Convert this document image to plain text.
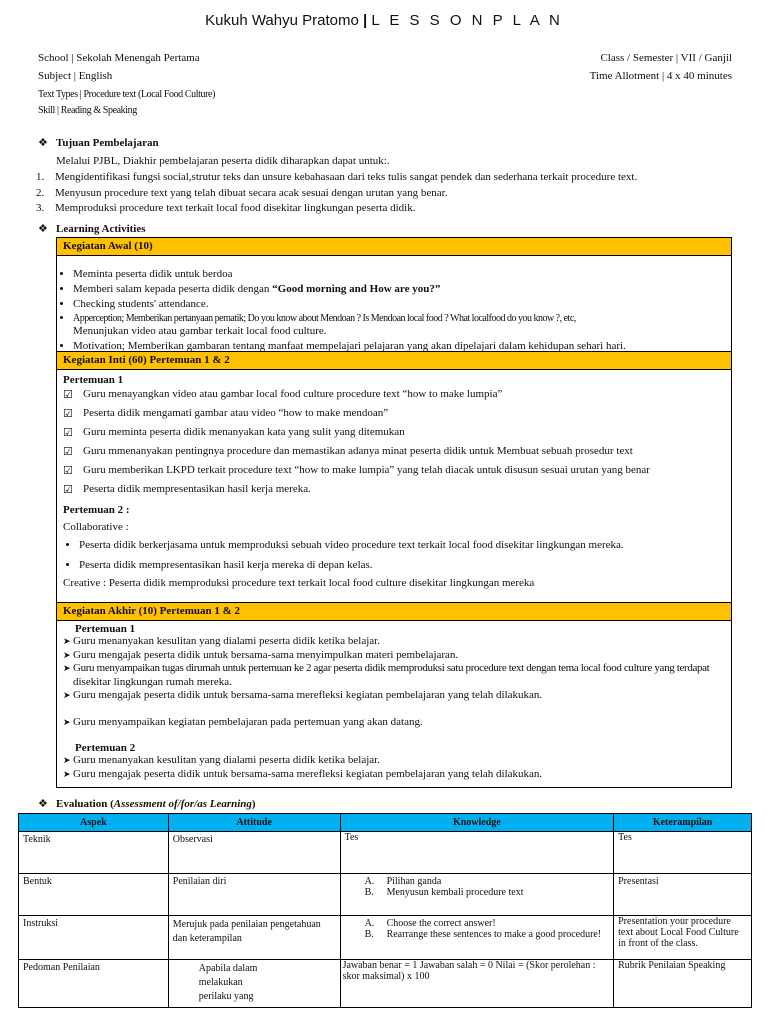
Kukuh Wahyu Pratomo | L E S S O N P L A N
School | Sekolah Menengah Pertama	Class / Semester | VII / Ganjil
Subject | English	Time Allotment | 4 x 40 minutes
Text Types | Procedure text (Local Food Culture)
Skill | Reading & Speaking
❖ Tujuan Pembelajaran
Melalui PJBL, Diakhir pembelajaran peserta didik diharapkan dapat untuk:.
1. Mengidentifikasi fungsi social,strutur teks dan unsure kebahasaan dari teks tulis sangat pendek dan sederhana terkait procedure text.
2. Menyusun procedure text yang telah dibuat secara acak sesuai dengan urutan yang benar.
3. Memproduksi procedure text terkait local food disekitar lingkungan peserta didik.
❖ Learning Activities
Kegiatan Awal (10)
• Meminta peserta didik untuk berdoa
• Memberi salam kepada peserta didik dengan “Good morning and How are you?”
• Checking students' attendance.
• Apperception; Memberikan pertanyaan pematik; Do you know about Mendoan ? Is Mendoan local food ? What localfood do you know ?, etc,
Menunjukan video atau gambar terkait local food culture.
• Motivation; Memberikan gambaran tentang manfaat mempelajari pelajaran yang akan dipelajari dalam kehidupan sehari hari.
Kegiatan Inti (60) Pertemuan 1 & 2
Pertemuan 1
☑ Guru menayangkan video atau gambar local food culture procedure text “how to make lumpia”
☑ Peserta didik mengamati gambar atau video “how to make mendoan”
☑ Guru meminta peserta didik menanyakan kata yang sulit yang ditemukan
☑ Guru mmenanyakan pentingnya procedure dan memastikan adanya minat peserta didik untuk Membuat sebuah prosedur text
☑ Guru memberikan LKPD terkait procedure text “how to make lumpia” yang telah diacak untuk disusun sesuai urutan yang benar
☑ Peserta didik mempresentasikan hasil kerja mereka.
Pertemuan 2 :
Collaborative :
• Peserta didik berkerjasama untuk memproduksi sebuah video procedure text terkait local food disekitar lingkungan mereka.
• Peserta didik mempresentasikan hasil kerja mereka di depan kelas.
Creative : Peserta didik memproduksi procedure text terkait local food culture disekitar lingkungan mereka
Kegiatan Akhir (10) Pertemuan 1 & 2
Pertemuan 1
➤ Guru menanyakan kesulitan yang dialami peserta didik ketika belajar.
➤ Guru mengajak peserta didik untuk bersama-sama menyimpulkan materi pembelajaran.
➤ Guru menyampaikan tugas dirumah untuk pertemuan ke 2 agar peserta didik memproduksi satu procedure text dengan tema local food culture yang terdapat
disekitar lingkungan rumah mereka.
➤ Guru mengajak peserta didik untuk bersama-sama merefleksi kegiatan pembelajaran yang telah dilakukan.
➤ Guru menyampaikan kegiatan pembelajaran pada pertemuan yang akan datang.
Pertemuan 2
➤ Guru menanyakan kesulitan yang dialami peserta didik ketika belajar.
➤ Guru mengajak peserta didik untuk bersama-sama merefleksi kegiatan pembelajaran yang telah dilakukan.
❖ Evaluation (Assessment of/for/as Learning)
Aspek	Attitude	Knowledge	Keterampilan
Teknik	Observasi	Tes	Tes
Bentuk	Penilaian diri	A. Pilihan ganda
B. Menyusun kembali procedure text	Presentasi
Instruksi	Merujuk pada penilaian pengetahuan dan keterampilan	A. Choose the correct answer!
B. Rearrange these sentences to make a good procedure!	Presentation your procedure text about Local Food Culture in front of the class.
Pedoman Penilaian	Apabila dalam
melakukan
perilaku yang	Jawaban benar = 1 Jawaban salah = 0 Nilai = (Skor perolehan : skor maksimal) x 100	Rubrik Penilaian Speaking
